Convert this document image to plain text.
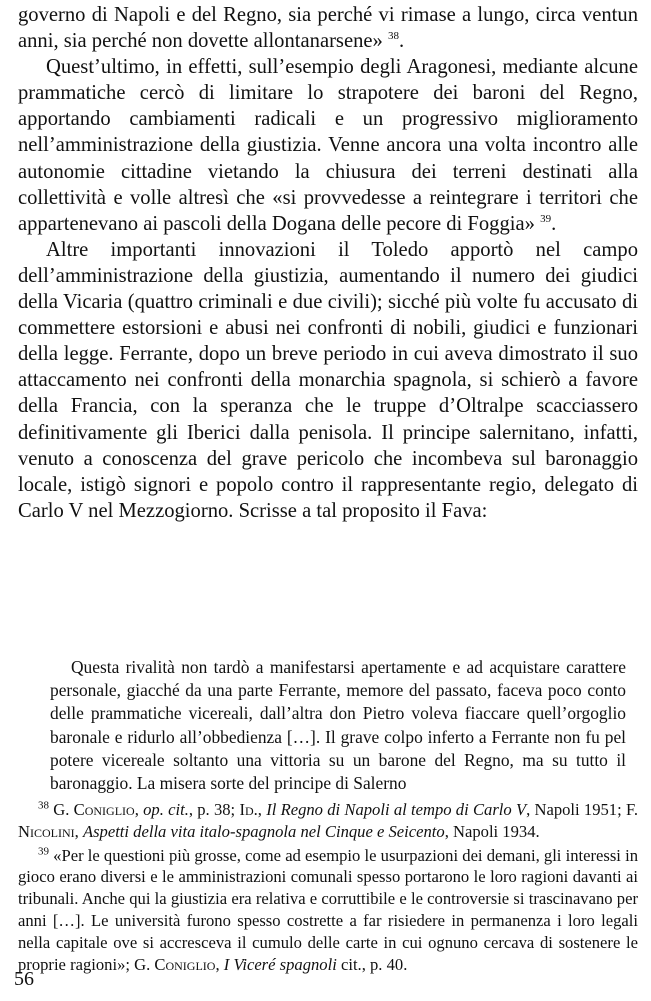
governo di Napoli e del Regno, sia perché vi rimase a lungo, circa ventun anni, sia perché non dovette allontanarsene» $^{38}$.

Quest’ultimo, in effetti, sull’esempio degli Aragonesi, mediante alcune prammatiche cercò di limitare lo strapotere dei baroni del Regno, apportando cambiamenti radicali e un progressivo miglioramento nell’amministrazione della giustizia. Venne ancora una volta incontro alle autonomie cittadine vietando la chiusura dei terreni destinati alla collettività e volle altresì che «si provvedesse a reintegrare i territori che appartenevano ai pascoli della Dogana delle pecore di Foggia» $^{39}$.

Altre importanti innovazioni il Toledo apportò nel campo dell’amministrazione della giustizia, aumentando il numero dei giudici della Vicaria (quattro criminali e due civili); sicché più volte fu accusato di commettere estorsioni e abusi nei confronti di nobili, giudici e funzionari della legge. Ferrante, dopo un breve periodo in cui aveva dimostrato il suo attaccamento nei confronti della monarchia spagnola, si schierò a favore della Francia, con la speranza che le truppe d’Oltralpe scacciassero definitivamente gli Iberici dalla penisola. Il principe salernitano, infatti, venuto a conoscenza del grave pericolo che incombeva sul baronaggio locale, istigò signori e popolo contro il rappresentante regio, delegato di Carlo V nel Mezzogiorno. Scrisse a tal proposito il Fava:

Questa rivalità non tardò a manifestarsi apertamente e ad acquistare carattere personale, giacché da una parte Ferrante, memore del passato, faceva poco conto delle prammatiche vicereali, dall’altra don Pietro voleva fiaccare quell’orgoglio baronale e ridurlo all’obbedienza […]. Il grave colpo inferto a Ferrante non fu pel potere vicereale soltanto una vittoria su un barone del Regno, ma su tutto il baronaggio. La misera sorte del principe di Salerno

$^{38}$ G. Coniglio, op. cit., p. 38; Id., Il Regno di Napoli al tempo di Carlo V, Napoli 1951; F. Nicolini, Aspetti della vita italo-spagnola nel Cinque e Seicento, Napoli 1934.

$^{39}$ «Per le questioni più grosse, come ad esempio le usurpazioni dei demani, gli interessi in gioco erano diversi e le amministrazioni comunali spesso portarono le loro ragioni davanti ai tribunali. Anche qui la giustizia era relativa e corruttibile e le controversie si trascinavano per anni […]. Le università furono spesso costrette a far risiedere in permanenza i loro legali nella capitale ove si accresceva il cumulo delle carte in cui ognuno cercava di sostenere le proprie ragioni»; G. Coniglio, I Viceré spagnoli cit., p. 40.

56
